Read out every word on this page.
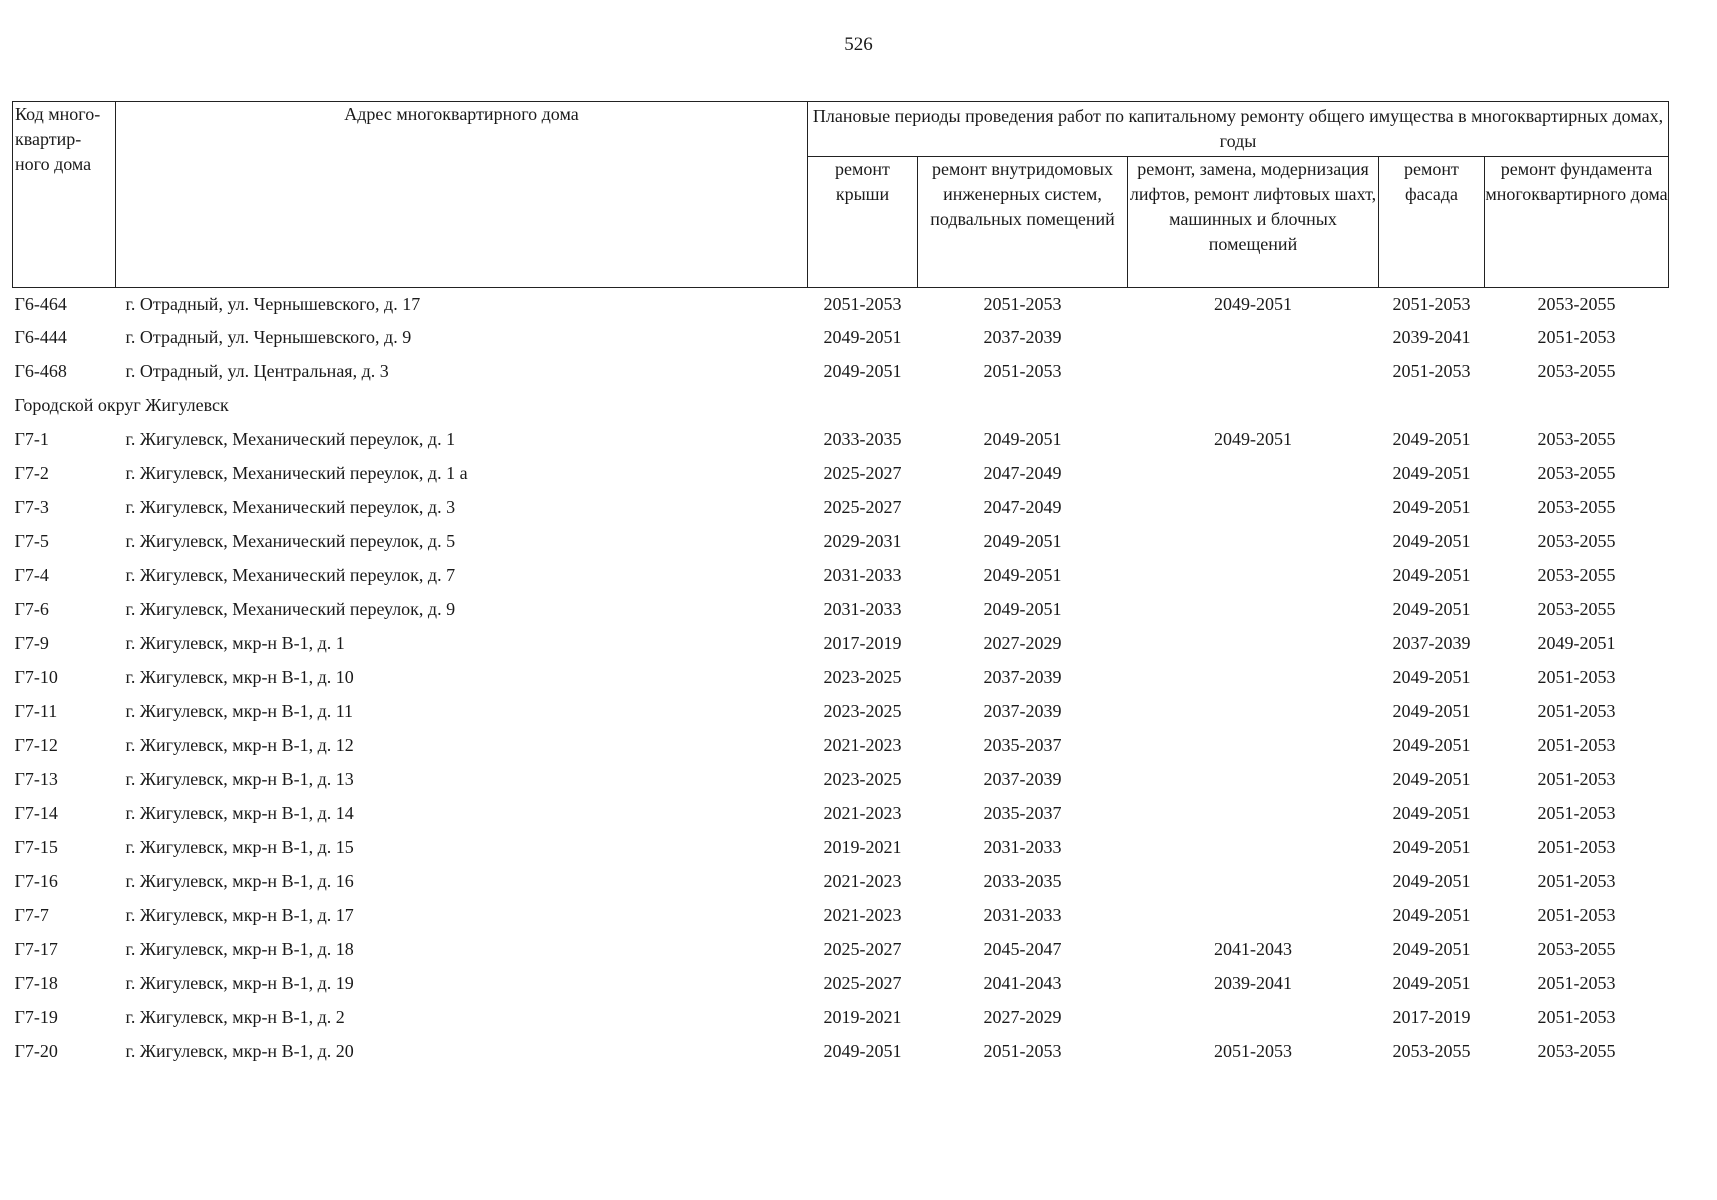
526
Код много-квартир-ного дома	Адрес многоквартирного дома	Плановые периоды проведения работ по капитальному ремонту общего имущества в многоквартирных домах, годы				
		ремонт крыши	ремонт внутридомовых инженерных систем, подвальных помещений	ремонт, замена, модернизация лифтов, ремонт лифтовых шахт, машинных и блочных помещений	ремонт фасада	ремонт фундамента многоквартирного дома
Г6-464	г. Отрадный, ул. Чернышевского, д. 17	2051-2053	2051-2053	2049-2051	2051-2053	2053-2055
Г6-444	г. Отрадный, ул. Чернышевского, д. 9	2049-2051	2037-2039		2039-2041	2051-2053
Г6-468	г. Отрадный, ул. Центральная, д. 3	2049-2051	2051-2053		2051-2053	2053-2055
Городской округ Жигулевск						
Г7-1	г. Жигулевск, Механический переулок, д. 1	2033-2035	2049-2051	2049-2051	2049-2051	2053-2055
Г7-2	г. Жигулевск, Механический переулок, д. 1 а	2025-2027	2047-2049		2049-2051	2053-2055
Г7-3	г. Жигулевск, Механический переулок, д. 3	2025-2027	2047-2049		2049-2051	2053-2055
Г7-5	г. Жигулевск, Механический переулок, д. 5	2029-2031	2049-2051		2049-2051	2053-2055
Г7-4	г. Жигулевск, Механический переулок, д. 7	2031-2033	2049-2051		2049-2051	2053-2055
Г7-6	г. Жигулевск, Механический переулок, д. 9	2031-2033	2049-2051		2049-2051	2053-2055
Г7-9	г. Жигулевск, мкр-н В-1, д. 1	2017-2019	2027-2029		2037-2039	2049-2051
Г7-10	г. Жигулевск, мкр-н В-1, д. 10	2023-2025	2037-2039		2049-2051	2051-2053
Г7-11	г. Жигулевск, мкр-н В-1, д. 11	2023-2025	2037-2039		2049-2051	2051-2053
Г7-12	г. Жигулевск, мкр-н В-1, д. 12	2021-2023	2035-2037		2049-2051	2051-2053
Г7-13	г. Жигулевск, мкр-н В-1, д. 13	2023-2025	2037-2039		2049-2051	2051-2053
Г7-14	г. Жигулевск, мкр-н В-1, д. 14	2021-2023	2035-2037		2049-2051	2051-2053
Г7-15	г. Жигулевск, мкр-н В-1, д. 15	2019-2021	2031-2033		2049-2051	2051-2053
Г7-16	г. Жигулевск, мкр-н В-1, д. 16	2021-2023	2033-2035		2049-2051	2051-2053
Г7-7	г. Жигулевск, мкр-н В-1, д. 17	2021-2023	2031-2033		2049-2051	2051-2053
Г7-17	г. Жигулевск, мкр-н В-1, д. 18	2025-2027	2045-2047	2041-2043	2049-2051	2053-2055
Г7-18	г. Жигулевск, мкр-н В-1, д. 19	2025-2027	2041-2043	2039-2041	2049-2051	2051-2053
Г7-19	г. Жигулевск, мкр-н В-1, д. 2	2019-2021	2027-2029		2017-2019	2051-2053
Г7-20	г. Жигулевск, мкр-н В-1, д. 20	2049-2051	2051-2053	2051-2053	2053-2055	2053-2055
